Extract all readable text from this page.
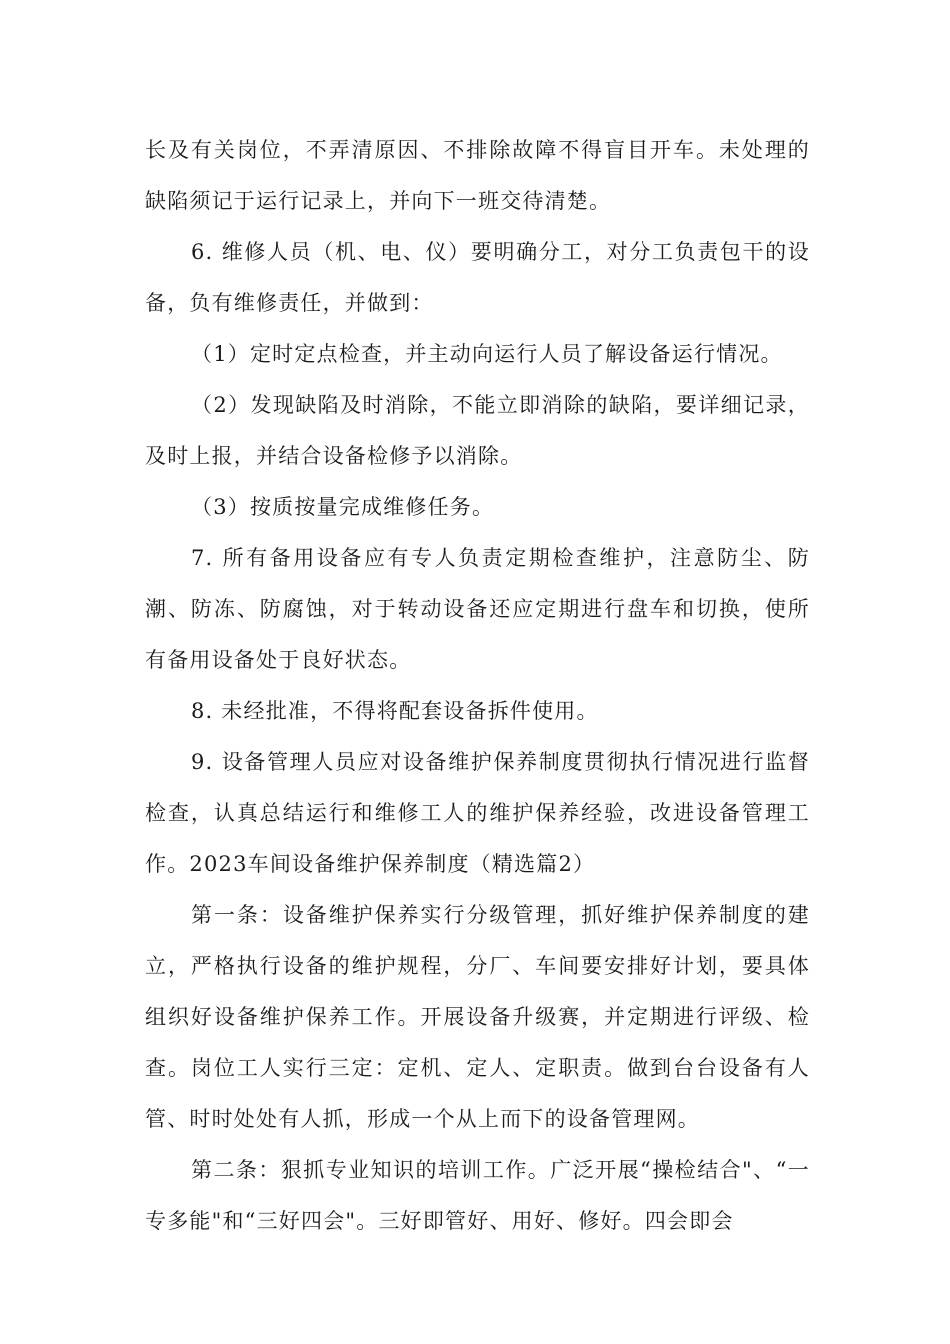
长及有关岗位，不弄清原因、不排除故障不得盲目开车。未处理的缺陷须记于运行记录上，并向下一班交待清楚。

6. 维修人员（机、电、仪）要明确分工，对分工负责包干的设备，负有维修责任，并做到：

（1）定时定点检查，并主动向运行人员了解设备运行情况。

（2）发现缺陷及时消除，不能立即消除的缺陷，要详细记录，及时上报，并结合设备检修予以消除。

（3）按质按量完成维修任务。

7. 所有备用设备应有专人负责定期检查维护，注意防尘、防潮、防冻、防腐蚀，对于转动设备还应定期进行盘车和切换，使所有备用设备处于良好状态。

8. 未经批准，不得将配套设备拆件使用。

9. 设备管理人员应对设备维护保养制度贯彻执行情况进行监督检查，认真总结运行和维修工人的维护保养经验，改进设备管理工作。2023车间设备维护保养制度（精选篇2）

第一条：设备维护保养实行分级管理，抓好维护保养制度的建立，严格执行设备的维护规程，分厂、车间要安排好计划，要具体组织好设备维护保养工作。开展设备升级赛，并定期进行评级、检查。岗位工人实行三定：定机、定人、定职责。做到台台设备有人管、时时处处有人抓，形成一个从上而下的设备管理网。

第二条：狠抓专业知识的培训工作。广泛开展“操检结合"、“一专多能"和“三好四会"。三好即管好、用好、修好。四会即会
